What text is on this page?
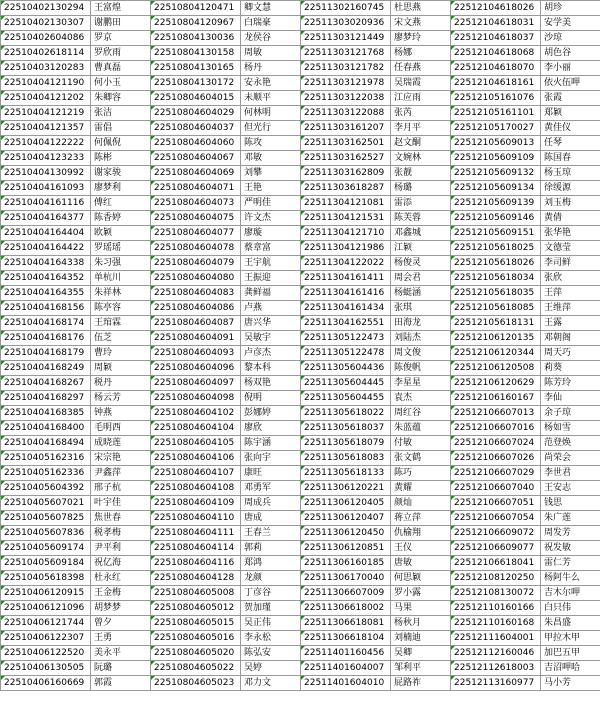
22510402130294	王富煌	22510804120471	卿文慧	22511302160745	杜思燕	22512104618026	胡珍
22510402130307	谢鹏田	22510804120967	白瑞豪	22511303020936	宋文燕	22512104618031	安学美
22510402604086	罗京	22510804130036	龙侯谷	22511303121449	廖梦玲	22512104618037	沙琼
22510402618114	罗欣雨	22510804130158	周敏	22511303121768	杨娜	22512104618068	胡色谷
22510403120283	曹真磊	22510804130165	杨丹	22511303121782	任春燕	22512104618070	李小丽
22510404121190	何小玉	22510804130172	安永艳	22511303121978	吴瑞霞	22512104618161	依火伍呷
22510404121202	朱卿容	22510804604015	未顺平	22511303122038	江应雨	22512105161076	张霞
22510404121219	张洁	22510804604029	何林明	22511303122088	张芮	22512105161101	郑颖
22510404121357	雷倡	22510804604037	但光行	22511303161207	李月平	22512105170027	黄佳仪
22510404122222	何佩倪	22510804604060	陈攻	22511303162501	赵文酮	22512105609013	任琴
22510404123233	陈彬	22510804604067	邓敏	22511303162527	文婉林	22512105609109	陈国春
22510404130992	谢家骏	22510804604069	刘攀	22511303162809	张靓	22512105609132	杨玉琼
22510404161093	廖梦利	22510804604071	王艳	22511303618287	杨璐	22512105609134	徐缓源
22510404161116	傅红	22510804604073	严明佳	22511304121081	雷添	22512105609139	刘玉梅
22510404164377	陈香婷	22510804604075	许文杰	22511304121531	陈芙蓉	22512105609146	黄倩
22510404164404	欧颖	22510804604077	廖璇	22511304121710	邓鑫城	22512105609151	张华艳
22510404164422	罗瑶瑶	22510804604078	蔡章富	22511304121986	江颖	22512105618025	文德莹
22510404164338	朱习强	22510804604079	王宇航	22511304122022	杨俊灵	22512105618026	李司鲜
22510404164352	单杭川	22510804604080	王振迎	22511304161411	周会君	22512105618034	张欣
22510404164355	朱祥林	22510804604083	龚鲜福	22511304161416	杨蜓涵	22512105618035	王萍
22510404168156	陈亭容	22510804604086	卢燕	22511304161434	张琪	22512105618085	王维萍
22510404168174	王琯霖	22510804604087	唐兴华	22511304162551	田海龙	22512105618131	王露
22510404168176	伍芝	22510804604091	吴敏宇	22511305122473	刘陆杰	22512106120135	邓朝阁
22510404168179	曹玲	22510804604093	卢彦杰	22511305122478	周文俊	22512106120344	周天巧
22510404168249	周颖	22510804604096	黎本科	22511305604436	陈俊帆	22512106120508	莉葵
22510404168267	税丹	22510804604097	杨双艳	22511305604445	李星星	22512106120629	陈芳玲
22510404168297	杨云芳	22510804604098	倪明	22511305604455	袁杰	22512106160167	李仙
22510404168385	钟燕	22510804604102	彭娜婷	22511305618022	周红谷	22512106607013	余子琼
22510404168400	毛明西	22510804604104	廖欣	22511305618037	朱蓝蕴	22512106607016	杨如雪
22510404168494	成晓莲	22510804604105	陈宇涵	22511305618079	付敏	22512106607024	范登焕
22510405162316	宋宗艳	22510804604106	张向宇	22511305618083	张文鹤	22512106607026	尚荣会
22510405162336	尹鑫萍	22510804604107	康旺	22511305618133	陈巧	22512106607029	李世君
22510405604392	邢子杭	22510804604108	邓勇军	22511306120221	黄耀	22512106607040	王安志
22510405607021	叶宇佳	22510804604109	周成兵	22511306120405	颜灿	22512106607051	钱思
22510405607825	焦世春	22510804604110	唐成	22511306120407	蒋立萍	22512106607054	朱广莲
22510405607836	税孝梅	22510804604111	王春兰	22511306120450	仇榆翔	22512106609072	周发芳
22510405609174	尹平利	22510804604114	郭莉	22511306120851	王仪	22512106609077	祝发敏
22510405609184	祝亿海	22510804604116	郑鸿	22511306160185	唐敏	22512106618041	雷仁芳
22510405618398	杜永红	22510804604128	龙颜	22511306170040	何思颖	22512108120250	杨阿牛么
22510406120915	王金梅	22510804605008	丁彦谷	22511306607009	罗小露	22512108130072	吉木尔呷
22510406121096	胡梦梦	22510804605012	贺加瑾	22511306618002	马果	22512110160166	白只伟
22510406121744	曾夕	22510804605015	吴正伟	22511306618081	杨秋月	22512110160168	朱昌盛
22510406122307	王勇	22510804605016	李永松	22511306618104	刘楠迪	22512111604001	甲拉木甲
22510406122520	美永平	22510804605020	陈弘安	22511401160456	吴卿	22512112160046	加巴五甲
22510406130505	阮璐	22510804605022	吴婷	22511401604007	邹利平	22512112618003	吉沼呷哈
22510406160669	郭霞	22510804605023	邓力文	22511401604010	屁路祚	22512113160977	马小芳
